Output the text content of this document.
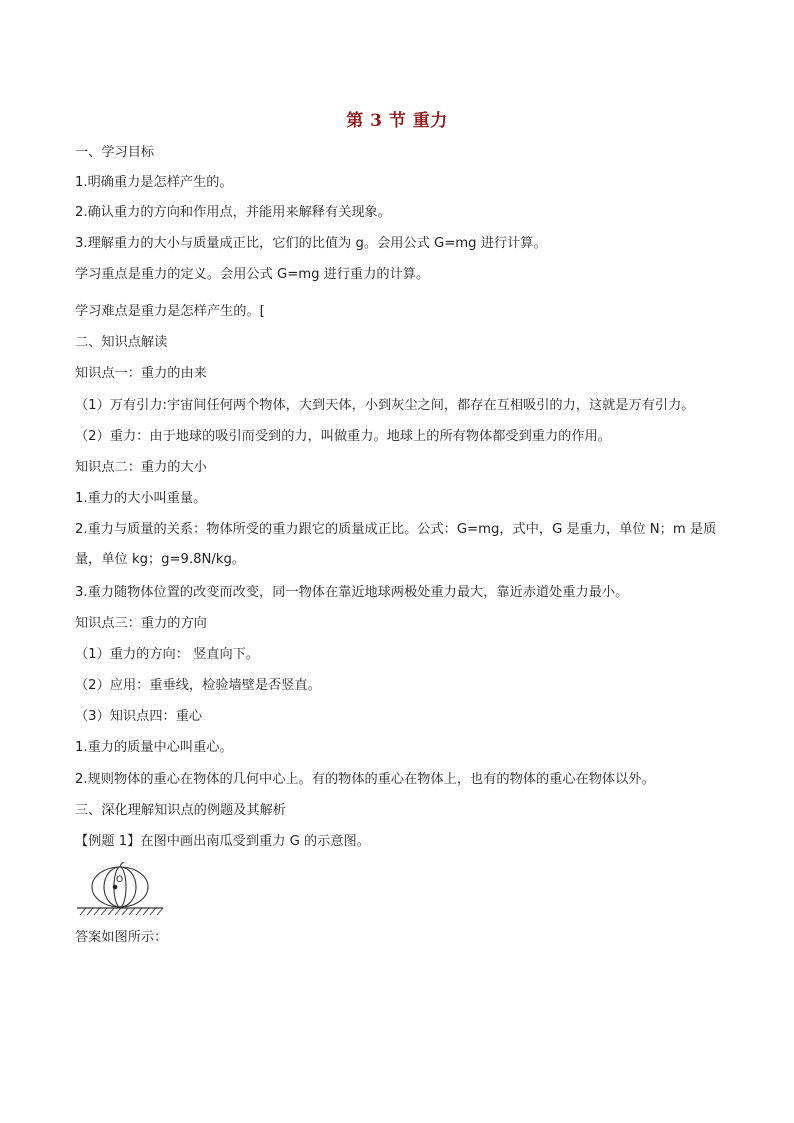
第 3 节 重力
一、学习目标
1.明确重力是怎样产生的。
2.确认重力的方向和作用点，并能用来解释有关现象。
3.理解重力的大小与质量成正比，它们的比值为 g。会用公式 G=mg 进行计算。
学习重点是重力的定义。会用公式 G=mg 进行重力的计算。
学习难点是重力是怎样产生的。[
二、知识点解读
知识点一：重力的由来
（1）万有引力:宇宙间任何两个物体，大到天体，小到灰尘之间，都存在互相吸引的力，这就是万有引力。
（2）重力：由于地球的吸引而受到的力，叫做重力。地球上的所有物体都受到重力的作用。
知识点二：重力的大小
1.重力的大小叫重量。
2.重力与质量的关系：物体所受的重力跟它的质量成正比。公式：G=mg，式中，G 是重力，单位 N；m 是质量，单位 kg；g=9.8N/kg。
3.重力随物体位置的改变而改变，同一物体在靠近地球两极处重力最大，靠近赤道处重力最小。
知识点三：重力的方向
（1）重力的方向： 竖直向下。
（2）应用：重垂线，检验墙壁是否竖直。
（3）知识点四：重心
1.重力的质量中心叫重心。
2.规则物体的重心在物体的几何中心上。有的物体的重心在物体上，也有的物体的重心在物体以外。
三、深化理解知识点的例题及其解析
【例题 1】在图中画出南瓜受到重力 G 的示意图。
O
答案如图所示：
